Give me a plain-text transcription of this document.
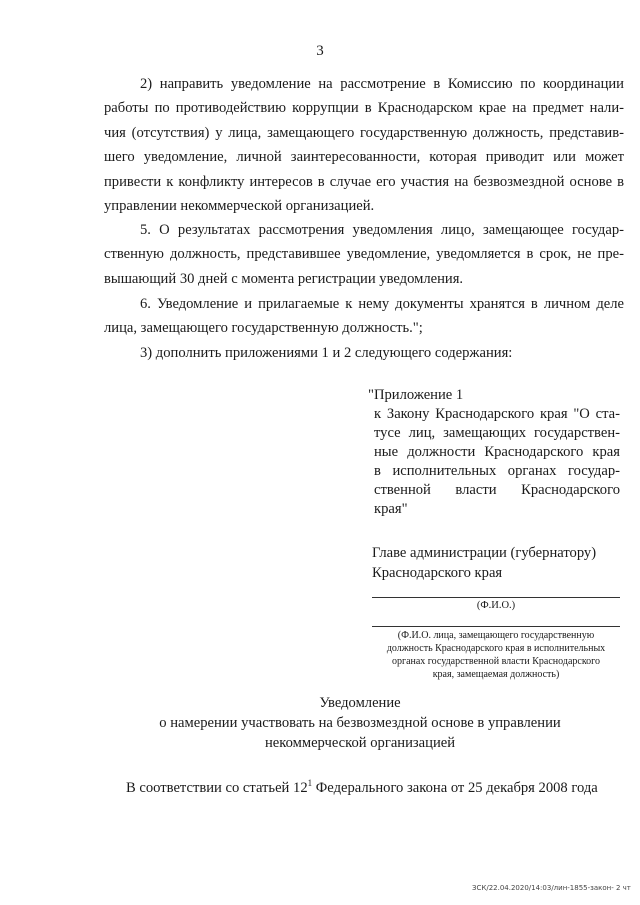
3
2) направить уведомление на рассмотрение в Комиссию по координации
работы по противодействию коррупции в Краснодарском крае на предмет нали-
чия (отсутствия) у лица, замещающего государственную должность, представив-
шего уведомление, личной заинтересованности, которая приводит или может
привести к конфликту интересов в случае его участия на безвозмездной основе в
управлении некоммерческой организацией.
5. О результатах рассмотрения уведомления лицо, замещающее государ-
ственную должность, представившее уведомление, уведомляется в срок, не пре-
вышающий 30 дней с момента регистрации уведомления.
6. Уведомление и прилагаемые к нему документы хранятся в личном деле
лица, замещающего государственную должность.";
3) дополнить приложениями 1 и 2 следующего содержания:
"Приложение 1
к Закону Краснодарского края "О ста-
тусе лиц, замещающих государствен-
ные должности Краснодарского края
в исполнительных органах государ-
ственной власти Краснодарского
края"
Главе администрации (губернатору)
Краснодарского края
(Ф.И.О.)
(Ф.И.О. лица, замещающего государственную
должность Краснодарского края в исполнительных
органах государственной власти Краснодарского
края, замещаемая должность)
Уведомление
о намерении участвовать на безвозмездной основе в управлении
некоммерческой организацией
В соответствии со статьей $12^1$ Федерального закона от 25 декабря 2008 года
ЗСК/22.04.2020/14:03/лин-1855-закон- 2 чт
